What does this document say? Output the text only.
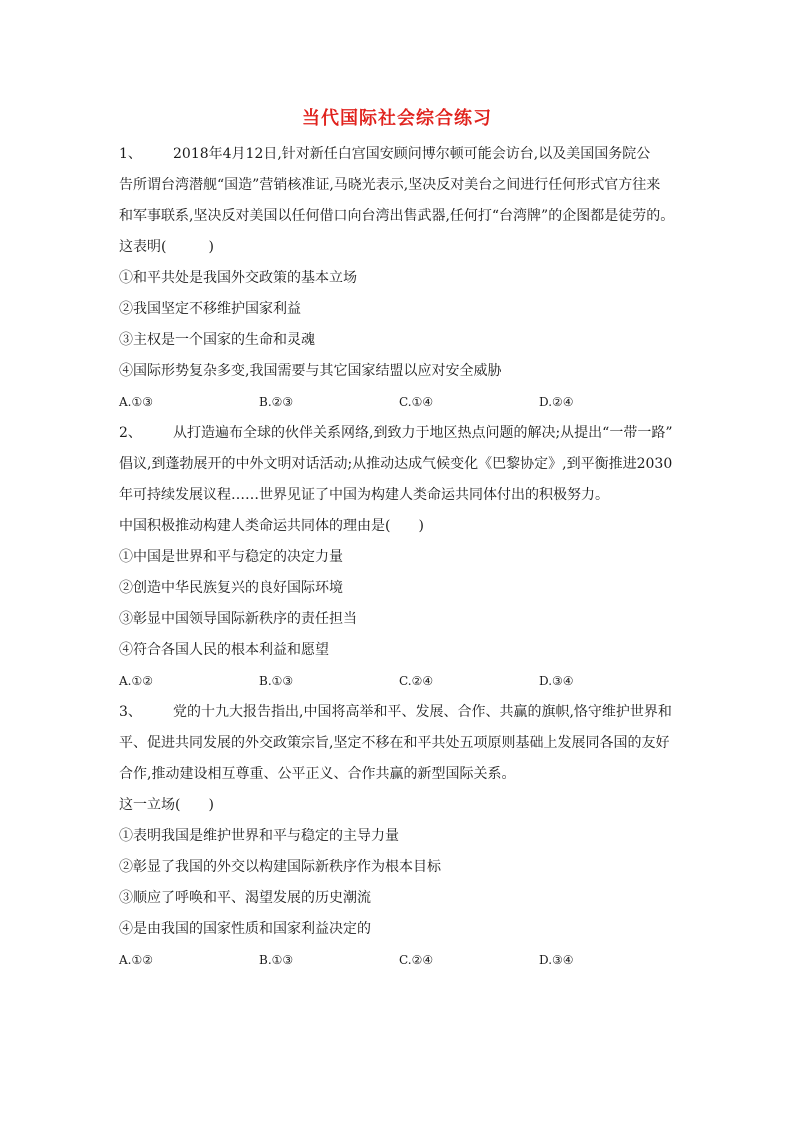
当代国际社会综合练习
1、 2018年4月12日,针对新任白宫国安顾问博尔顿可能会访台,以及美国国务院公
告所谓台湾潜舰“国造”营销核准证,马晓光表示,坚决反对美台之间进行任何形式官方往来
和军事联系,坚决反对美国以任何借口向台湾出售武器,任何打“台湾牌”的企图都是徒劳的。
这表明(　　　)
①和平共处是我国外交政策的基本立场
②我国坚定不移维护国家利益
③主权是一个国家的生命和灵魂
④国际形势复杂多变,我国需要与其它国家结盟以应对安全威胁
A.①③	B.②③	C.①④	D.②④
2、 从打造遍布全球的伙伴关系网络,到致力于地区热点问题的解决;从提出“一带一路”
倡议,到蓬勃展开的中外文明对话活动;从推动达成气候变化《巴黎协定》,到平衡推进2030
年可持续发展议程……世界见证了中国为构建人类命运共同体付出的积极努力。
中国积极推动构建人类命运共同体的理由是(　　)
①中国是世界和平与稳定的决定力量
②创造中华民族复兴的良好国际环境
③彰显中国领导国际新秩序的责任担当
④符合各国人民的根本利益和愿望
A.①②	B.①③	C.②④	D.③④
3、 党的十九大报告指出,中国将高举和平、发展、合作、共赢的旗帜,恪守维护世界和
平、促进共同发展的外交政策宗旨,坚定不移在和平共处五项原则基础上发展同各国的友好
合作,推动建设相互尊重、公平正义、合作共赢的新型国际关系。
这一立场(　　)
①表明我国是维护世界和平与稳定的主导力量
②彰显了我国的外交以构建国际新秩序作为根本目标
③顺应了呼唤和平、渴望发展的历史潮流
④是由我国的国家性质和国家利益决定的
A.①②	B.①③	C.②④	D.③④
